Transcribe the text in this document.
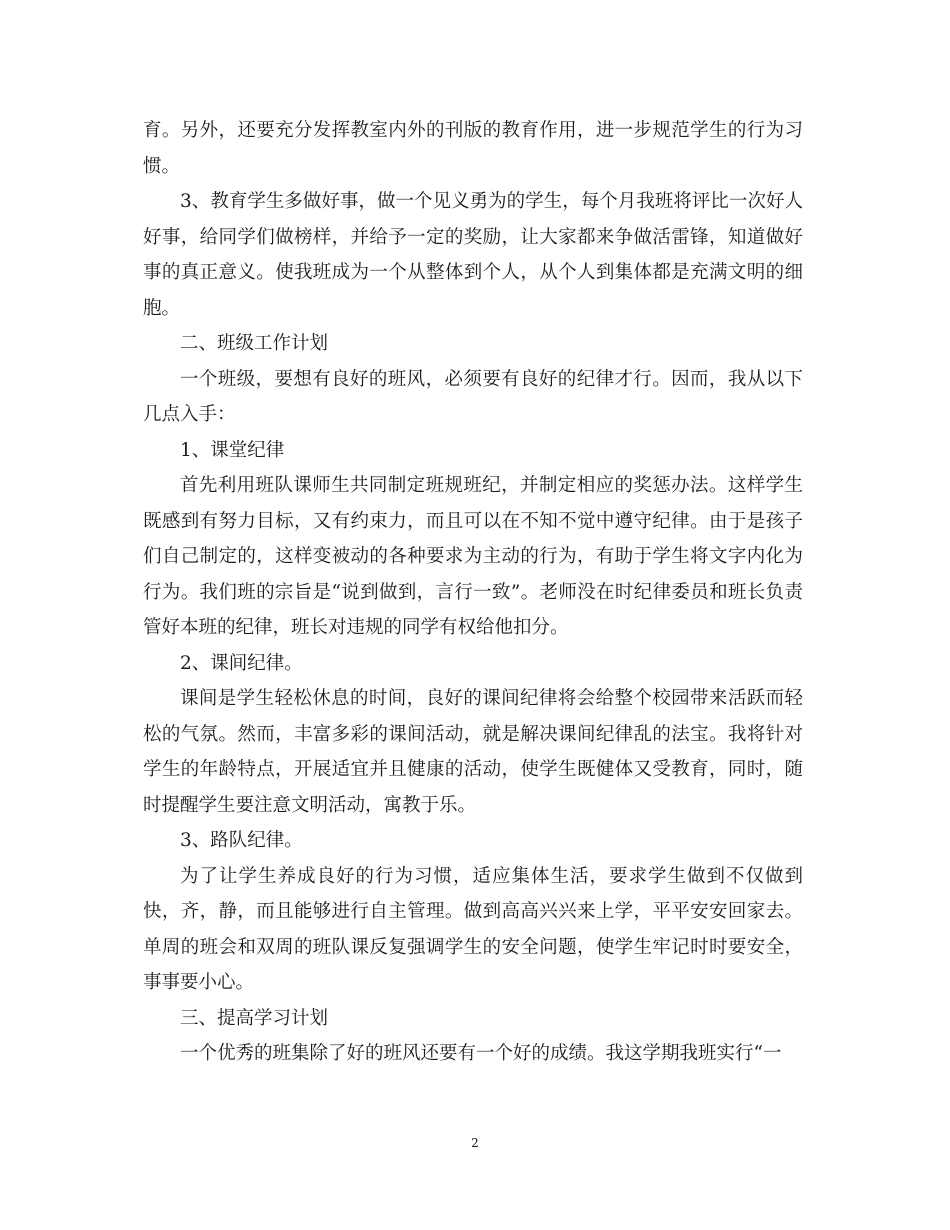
育。另外，还要充分发挥教室内外的刊版的教育作用，进一步规范学生的行为习惯。

3、教育学生多做好事，做一个见义勇为的学生，每个月我班将评比一次好人好事，给同学们做榜样，并给予一定的奖励，让大家都来争做活雷锋，知道做好事的真正意义。使我班成为一个从整体到个人，从个人到集体都是充满文明的细胞。

二、班级工作计划

一个班级，要想有良好的班风，必须要有良好的纪律才行。因而，我从以下几点入手：

1、课堂纪律

首先利用班队课师生共同制定班规班纪，并制定相应的奖惩办法。这样学生既感到有努力目标，又有约束力，而且可以在不知不觉中遵守纪律。由于是孩子们自己制定的，这样变被动的各种要求为主动的行为，有助于学生将文字内化为行为。我们班的宗旨是“说到做到，言行一致”。老师没在时纪律委员和班长负责管好本班的纪律，班长对违规的同学有权给他扣分。

2、课间纪律。

课间是学生轻松休息的时间，良好的课间纪律将会给整个校园带来活跃而轻松的气氛。然而，丰富多彩的课间活动，就是解决课间纪律乱的法宝。我将针对学生的年龄特点，开展适宜并且健康的活动，使学生既健体又受教育，同时，随时提醒学生要注意文明活动，寓教于乐。

3、路队纪律。

为了让学生养成良好的行为习惯，适应集体生活，要求学生做到不仅做到快，齐，静，而且能够进行自主管理。做到高高兴兴来上学，平平安安回家去。单周的班会和双周的班队课反复强调学生的安全问题，使学生牢记时时要安全，事事要小心。

三、提高学习计划

一个优秀的班集除了好的班风还要有一个好的成绩。我这学期我班实行“一

2
